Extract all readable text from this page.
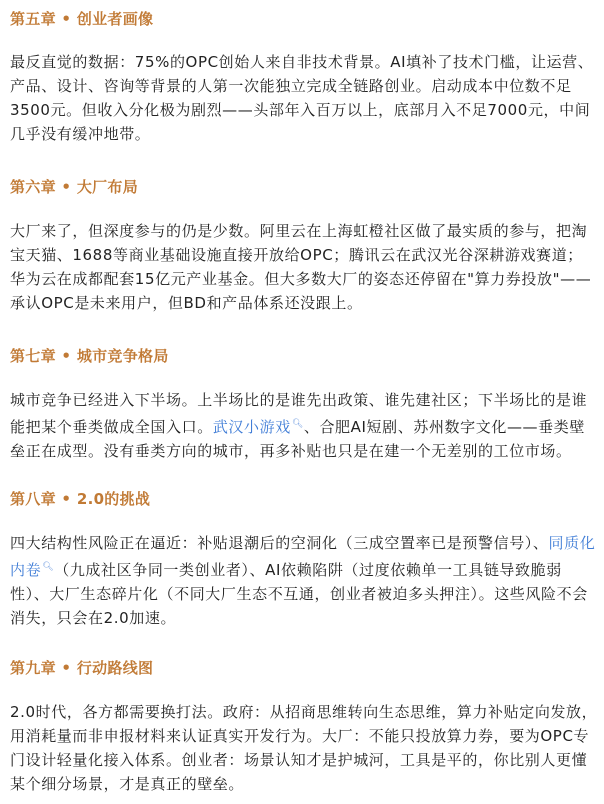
第五章 • 创业者画像

最反直觉的数据：75%的OPC创始人来自非技术背景。AI填补了技术门槛，让运营、产品、设计、咨询等背景的人第一次能独立完成全链路创业。启动成本中位数不足3500元。但收入分化极为剧烈——头部年入百万以上，底部月入不足7000元，中间几乎没有缓冲地带。

第六章 • 大厂布局

大厂来了，但深度参与的仍是少数。阿里云在上海虹橙社区做了最实质的参与，把淘宝天猫、1688等商业基础设施直接开放给OPC；腾讯云在武汉光谷深耕游戏赛道；华为云在成都配套15亿元产业基金。但大多数大厂的姿态还停留在"算力券投放"——承认OPC是未来用户，但BD和产品体系还没跟上。

第七章 • 城市竞争格局

城市竞争已经进入下半场。上半场比的是谁先出政策、谁先建社区；下半场比的是谁能把某个垂类做成全国入口。武汉小游戏🔍︎、合肥AI短剧、苏州数字文化——垂类壁垒正在成型。没有垂类方向的城市，再多补贴也只是在建一个无差别的工位市场。

第八章 • 2.0的挑战

四大结构性风险正在逼近：补贴退潮后的空洞化（三成空置率已是预警信号）、同质化内卷🔍︎（九成社区争同一类创业者）、AI依赖陷阱（过度依赖单一工具链导致脆弱性）、大厂生态碎片化（不同大厂生态不互通，创业者被迫多头押注）。这些风险不会消失，只会在2.0加速。

第九章 • 行动路线图

2.0时代，各方都需要换打法。政府：从招商思维转向生态思维，算力补贴定向发放，用消耗量而非申报材料来认证真实开发行为。大厂：不能只投放算力券，要为OPC专门设计轻量化接入体系。创业者：场景认知才是护城河，工具是平的，你比别人更懂某个细分场景，才是真正的壁垒。
